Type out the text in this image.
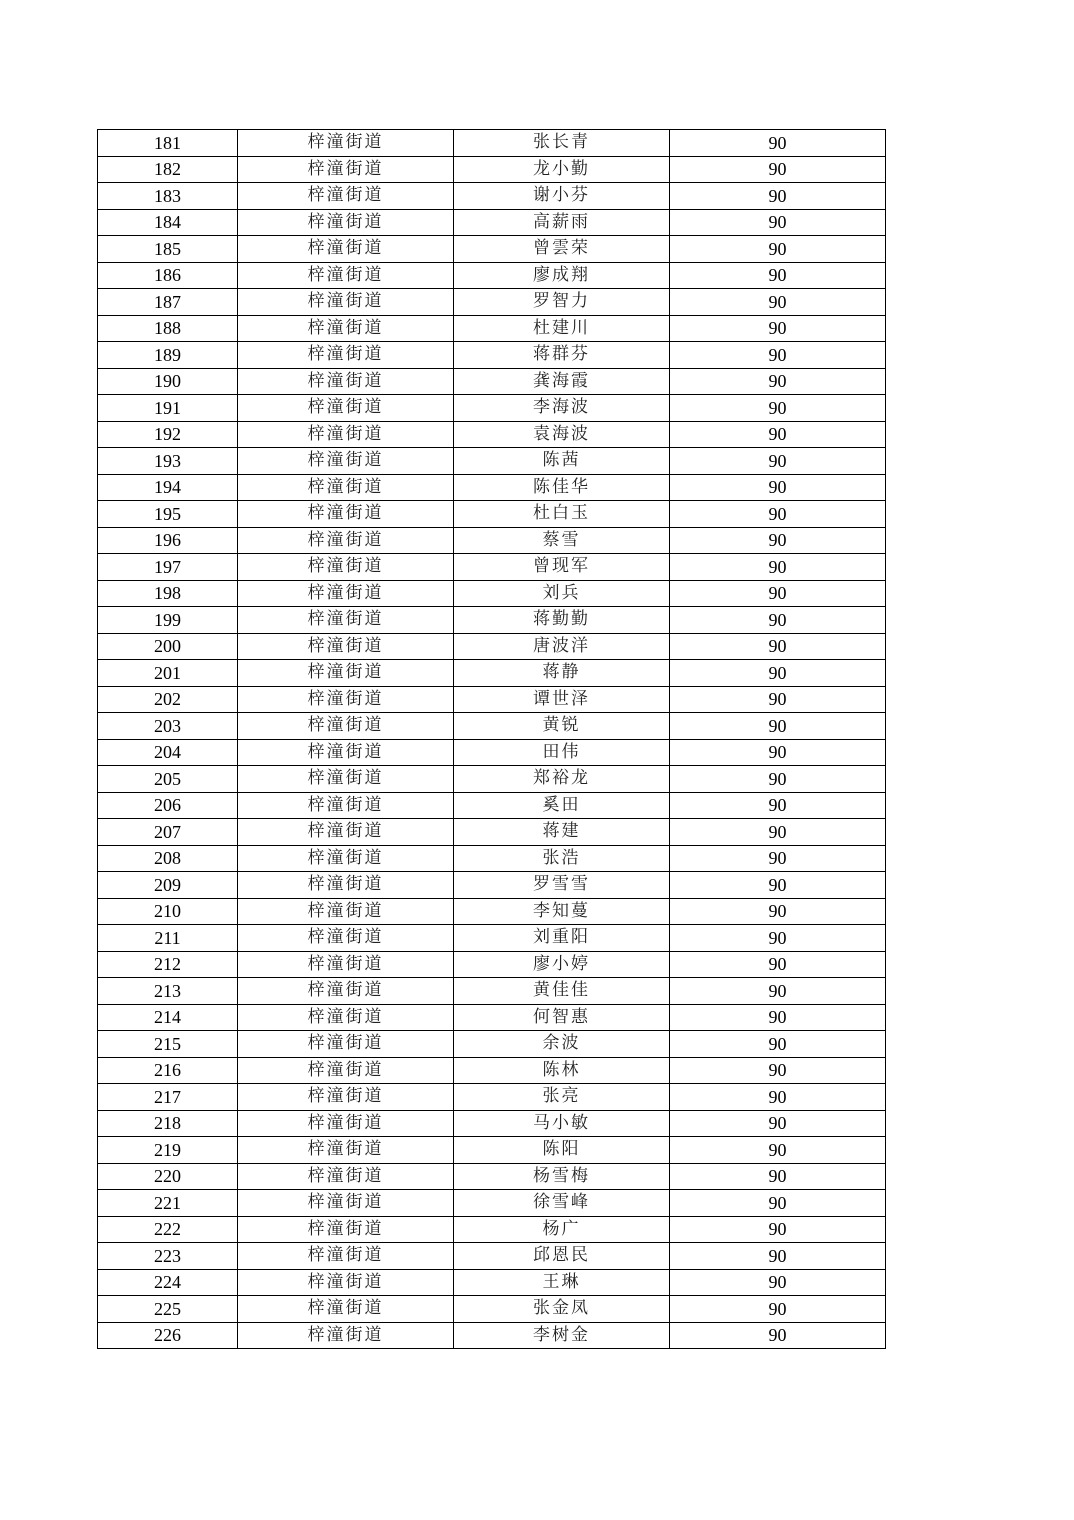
181	梓潼街道	张长青	90
182	梓潼街道	龙小勤	90
183	梓潼街道	谢小芬	90
184	梓潼街道	高薪雨	90
185	梓潼街道	曾雲荣	90
186	梓潼街道	廖成翔	90
187	梓潼街道	罗智力	90
188	梓潼街道	杜建川	90
189	梓潼街道	蒋群芬	90
190	梓潼街道	龚海霞	90
191	梓潼街道	李海波	90
192	梓潼街道	袁海波	90
193	梓潼街道	陈茜	90
194	梓潼街道	陈佳华	90
195	梓潼街道	杜白玉	90
196	梓潼街道	蔡雪	90
197	梓潼街道	曾现军	90
198	梓潼街道	刘兵	90
199	梓潼街道	蒋勤勤	90
200	梓潼街道	唐波洋	90
201	梓潼街道	蒋静	90
202	梓潼街道	谭世泽	90
203	梓潼街道	黄锐	90
204	梓潼街道	田伟	90
205	梓潼街道	郑裕龙	90
206	梓潼街道	奚田	90
207	梓潼街道	蒋建	90
208	梓潼街道	张浩	90
209	梓潼街道	罗雪雪	90
210	梓潼街道	李知蔓	90
211	梓潼街道	刘重阳	90
212	梓潼街道	廖小婷	90
213	梓潼街道	黄佳佳	90
214	梓潼街道	何智惠	90
215	梓潼街道	余波	90
216	梓潼街道	陈林	90
217	梓潼街道	张亮	90
218	梓潼街道	马小敏	90
219	梓潼街道	陈阳	90
220	梓潼街道	杨雪梅	90
221	梓潼街道	徐雪峰	90
222	梓潼街道	杨广	90
223	梓潼街道	邱恩民	90
224	梓潼街道	王琳	90
225	梓潼街道	张金凤	90
226	梓潼街道	李树金	90
